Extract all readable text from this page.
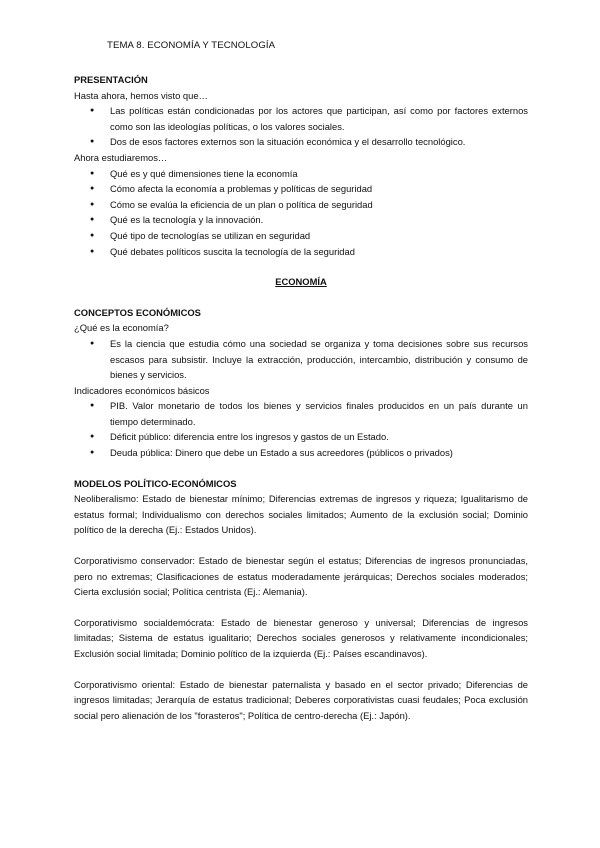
TEMA 8. ECONOMÍA Y TECNOLOGÍA

PRESENTACIÓN

Hasta ahora, hemos visto que…

● Las políticas están condicionadas por los actores que participan, así como por factores externos como son las ideologías políticas, o los valores sociales.
● Dos de esos factores externos son la situación económica y el desarrollo tecnológico.

Ahora estudiaremos…

● Qué es y qué dimensiones tiene la economía
● Cómo afecta la economía a problemas y políticas de seguridad
● Cómo se evalúa la eficiencia de un plan o política de seguridad
● Qué es la tecnología y la innovación.
● Qué tipo de tecnologías se utilizan en seguridad
● Qué debates políticos suscita la tecnología de la seguridad

ECONOMÍA

CONCEPTOS ECONÓMICOS

¿Qué es la economía?

● Es la ciencia que estudia cómo una sociedad se organiza y toma decisiones sobre sus recursos escasos para subsistir. Incluye la extracción, producción, intercambio, distribución y consumo de bienes y servicios.

Indicadores económicos básicos

● PIB. Valor monetario de todos los bienes y servicios finales producidos en un país durante un tiempo determinado.
● Déficit público: diferencia entre los ingresos y gastos de un Estado.
● Deuda pública: Dinero que debe un Estado a sus acreedores (públicos o privados)

MODELOS POLÍTICO-ECONÓMICOS

Neoliberalismo: Estado de bienestar mínimo; Diferencias extremas de ingresos y riqueza; Igualitarismo de estatus formal; Individualismo con derechos sociales limitados; Aumento de la exclusión social; Dominio político de la derecha (Ej.: Estados Unidos).

Corporativismo conservador: Estado de bienestar según el estatus; Diferencias de ingresos pronunciadas, pero no extremas; Clasificaciones de estatus moderadamente jerárquicas; Derechos sociales moderados; Cierta exclusión social; Política centrista (Ej.: Alemania).

Corporativismo socialdemócrata: Estado de bienestar generoso y universal; Diferencias de ingresos limitadas; Sistema de estatus igualitario; Derechos sociales generosos y relativamente incondicionales; Exclusión social limitada; Dominio político de la izquierda (Ej.: Países escandinavos).

Corporativismo oriental: Estado de bienestar paternalista y basado en el sector privado; Diferencias de ingresos limitadas; Jerarquía de estatus tradicional; Deberes corporativistas cuasi feudales; Poca exclusión social pero alienación de los "forasteros"; Política de centro-derecha (Ej.: Japón).
